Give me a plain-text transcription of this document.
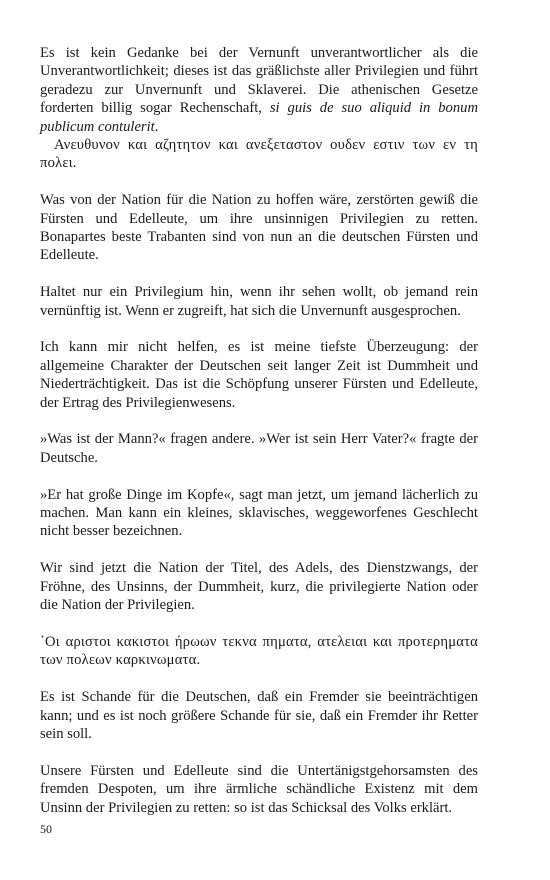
Es ist kein Gedanke bei der Vernunft unverantwortlicher als die Unverantwortlichkeit; dieses ist das gräßlichste aller Privilegien und führt geradezu zur Unvernunft und Sklaverei. Die athenischen Gesetze forderten billig sogar Rechenschaft, si guis de suo aliquid in bonum publicum contulerit.

Ανευθυνον και αζητητον και ανεξεταστον ουδεν εστιν των εν τη πολει.

Was von der Nation für die Nation zu hoffen wäre, zerstörten gewiß die Fürsten und Edelleute, um ihre unsinnigen Privilegien zu retten. Bonapartes beste Trabanten sind von nun an die deutschen Fürsten und Edelleute.

Haltet nur ein Privilegium hin, wenn ihr sehen wollt, ob jemand rein vernünftig ist. Wenn er zugreift, hat sich die Unvernunft ausgesprochen.

Ich kann mir nicht helfen, es ist meine tiefste Überzeugung: der allgemeine Charakter der Deutschen seit langer Zeit ist Dummheit und Niederträchtigkeit. Das ist die Schöpfung unserer Fürsten und Edelleute, der Ertrag des Privilegienwesens.

»Was ist der Mann?« fragen andere. »Wer ist sein Herr Vater?« fragte der Deutsche.

»Er hat große Dinge im Kopfe«, sagt man jetzt, um jemand lächerlich zu machen. Man kann ein kleines, sklavisches, weggeworfenes Geschlecht nicht besser bezeichnen.

Wir sind jetzt die Nation der Titel, des Adels, des Dienstzwangs, der Fröhne, des Unsinns, der Dummheit, kurz, die privilegierte Nation oder die Nation der Privilegien.

᾿Οι αριστοι κακιστοι ήρωων τεκνα πηματα, ατελειαι και προτερηματα των πολεων καρκινωματα.

Es ist Schande für die Deutschen, daß ein Fremder sie beeinträchtigen kann; und es ist noch größere Schande für sie, daß ein Fremder ihr Retter sein soll.

Unsere Fürsten und Edelleute sind die Untertänigstgehorsamsten des fremden Despoten, um ihre ärmliche schändliche Existenz mit dem Unsinn der Privilegien zu retten: so ist das Schicksal des Volks erklärt.

50
